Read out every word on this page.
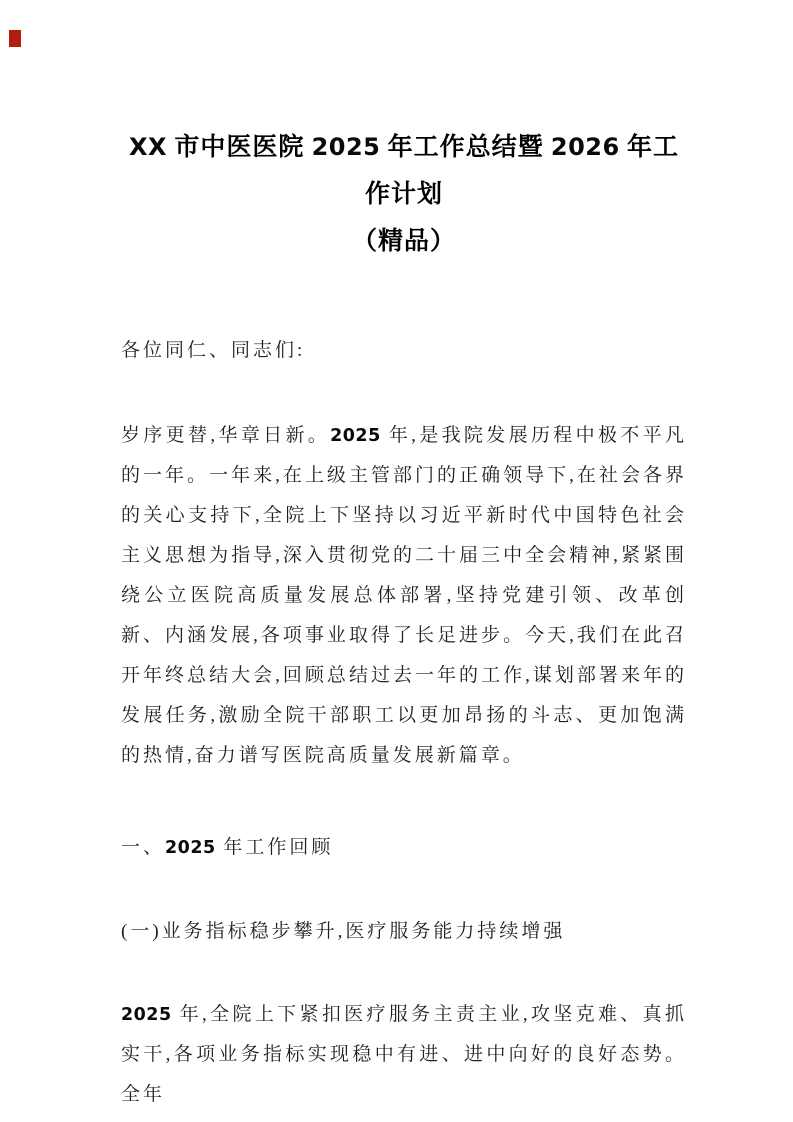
XX 市中医医院 2025 年工作总结暨 2026 年工作计划
（精品）

各位同仁、同志们:

岁序更替,华章日新。2025 年,是我院发展历程中极不平凡的一年。一年来,在上级主管部门的正确领导下,在社会各界的关心支持下,全院上下坚持以习近平新时代中国特色社会主义思想为指导,深入贯彻党的二十届三中全会精神,紧紧围绕公立医院高质量发展总体部署,坚持党建引领、改革创新、内涵发展,各项事业取得了长足进步。今天,我们在此召开年终总结大会,回顾总结过去一年的工作,谋划部署来年的发展任务,激励全院干部职工以更加昂扬的斗志、更加饱满的热情,奋力谱写医院高质量发展新篇章。

一、2025 年工作回顾

(一)业务指标稳步攀升,医疗服务能力持续增强

2025 年,全院上下紧扣医疗服务主责主业,攻坚克难、真抓实干,各项业务指标实现稳中有进、进中向好的良好态势。全年
